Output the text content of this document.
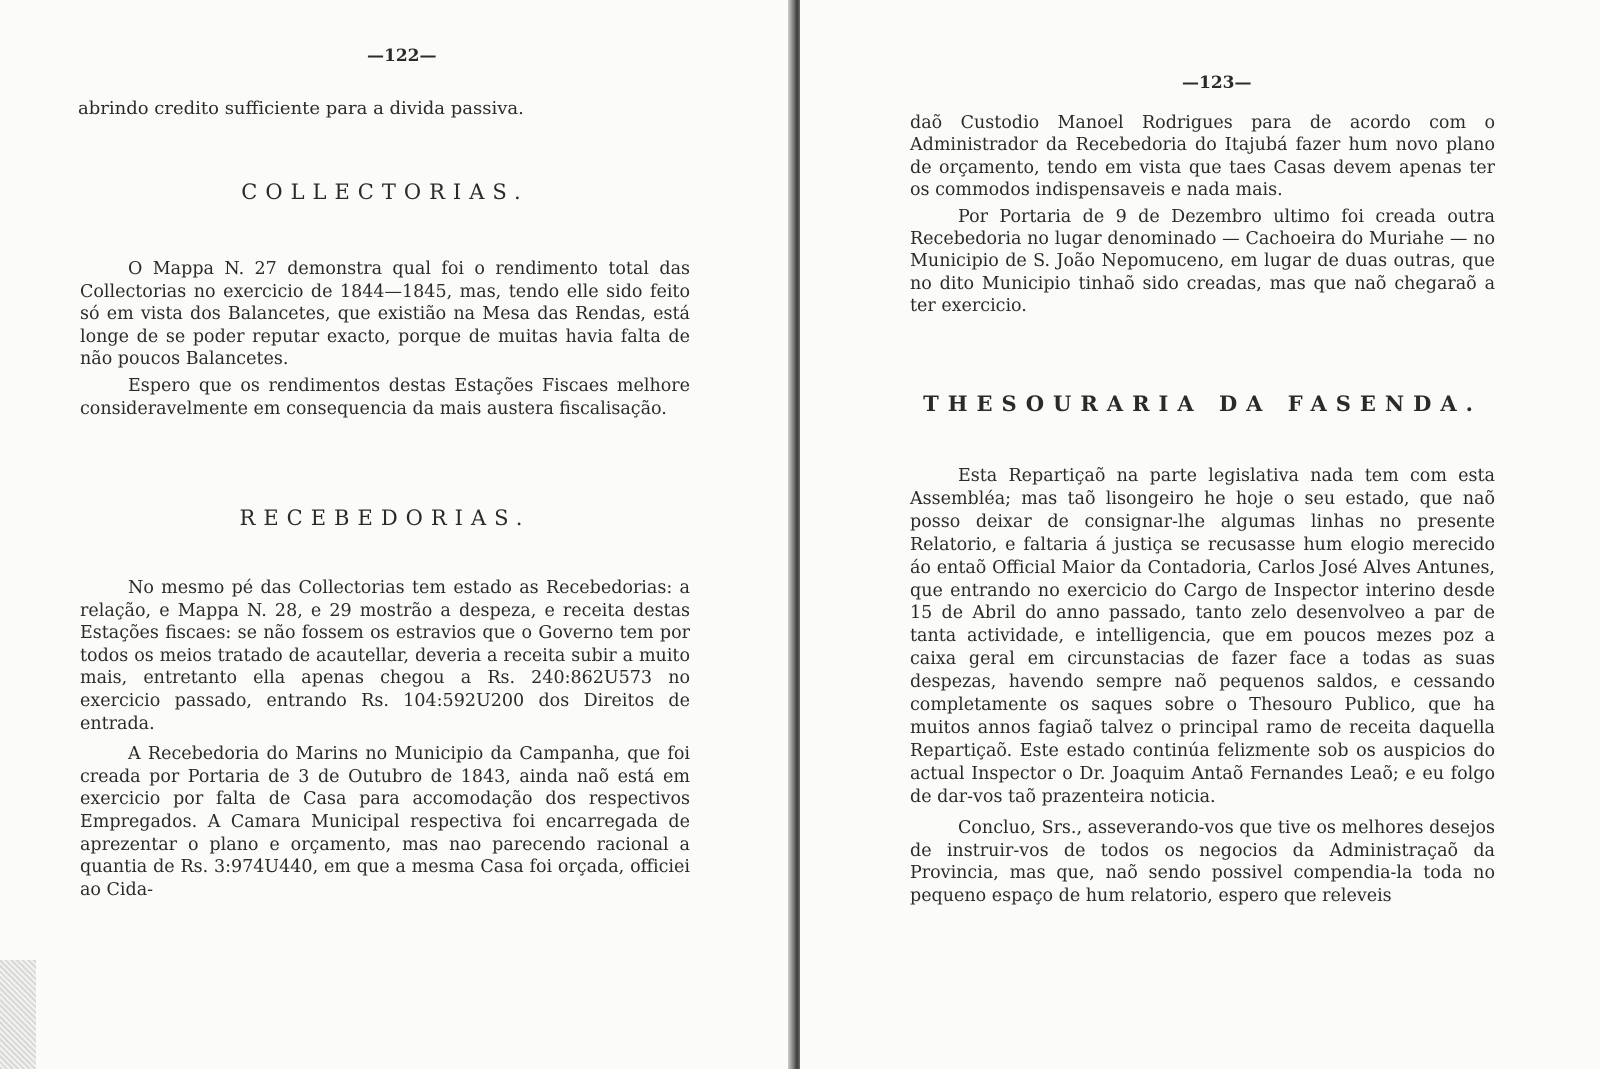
—122—
abrindo credito sufficiente para a divida passiva.
COLLECTORIAS.

O Mappa N. 27 demonstra qual foi o rendimento total das Collectorias no exercicio de 1844—1845, mas, tendo elle sido feito só em vista dos Balancetes, que existião na Mesa das Rendas, está longe de se poder reputar exacto, porque de muitas havia falta de não poucos Balancetes.

Espero que os rendimentos destas Estações Fiscaes melhore consideravelmente em consequencia da mais austera fiscalisação.

RECEBEDORIAS.

No mesmo pé das Collectorias tem estado as Recebedorias: a relação, e Mappa N. 28, e 29 mostrão a despeza, e receita destas Estações fiscaes: se não fossem os estravios que o Governo tem por todos os meios tratado de acautellar, deveria a receita subir a muito mais, entretanto ella apenas chegou a Rs. 240:862U573 no exercicio passado, entrando Rs. 104:592U200 dos Direitos de entrada.

A Recebedoria do Marins no Municipio da Campanha, que foi creada por Portaria de 3 de Outubro de 1843, ainda naõ está em exercicio por falta de Casa para accomodação dos respectivos Empregados. A Camara Municipal respectiva foi encarregada de aprezentar o plano e orçamento, mas nao parecendo racional a quantia de Rs. 3:974U440, em que a mesma Casa foi orçada, officiei ao Cida-

—123—

daõ Custodio Manoel Rodrigues para de acordo com o Administrador da Recebedoria do Itajubá fazer hum novo plano de orçamento, tendo em vista que taes Casas devem apenas ter os commodos indispensaveis e nada mais.

Por Portaria de 9 de Dezembro ultimo foi creada outra Recebedoria no lugar denominado — Cachoeira do Muriahe — no Municipio de S. João Nepomuceno, em lugar de duas outras, que no dito Municipio tinhaõ sido creadas, mas que naõ chegaraõ a ter exercicio.

THESOURARIA DA FASENDA.

Esta Repartiçaõ na parte legislativa nada tem com esta Assembléa; mas taõ lisongeiro he hoje o seu estado, que naõ posso deixar de consignar-lhe algumas linhas no presente Relatorio, e faltaria á justiça se recusasse hum elogio merecido áo entaõ Official Maior da Contadoria, Carlos José Alves Antunes, que entrando no exercicio do Cargo de Inspector interino desde 15 de Abril do anno passado, tanto zelo desenvolveo a par de tanta actividade, e intelligencia, que em poucos mezes poz a caixa geral em circunstacias de fazer face a todas as suas despezas, havendo sempre naõ pequenos saldos, e cessando completamente os saques sobre o Thesouro Publico, que ha muitos annos fagiaõ talvez o principal ramo de receita daquella Repartiçaõ. Este estado continúa felizmente sob os auspicios do actual Inspector o Dr. Joaquim Antaõ Fernandes Leaõ; e eu folgo de dar-vos taõ prazenteira noticia.

Concluo, Srs., asseverando-vos que tive os melhores desejos de instruir-vos de todos os negocios da Administraçaõ da Provincia, mas que, naõ sendo possivel compendia-la toda no pequeno espaço de hum relatorio, espero que releveis
